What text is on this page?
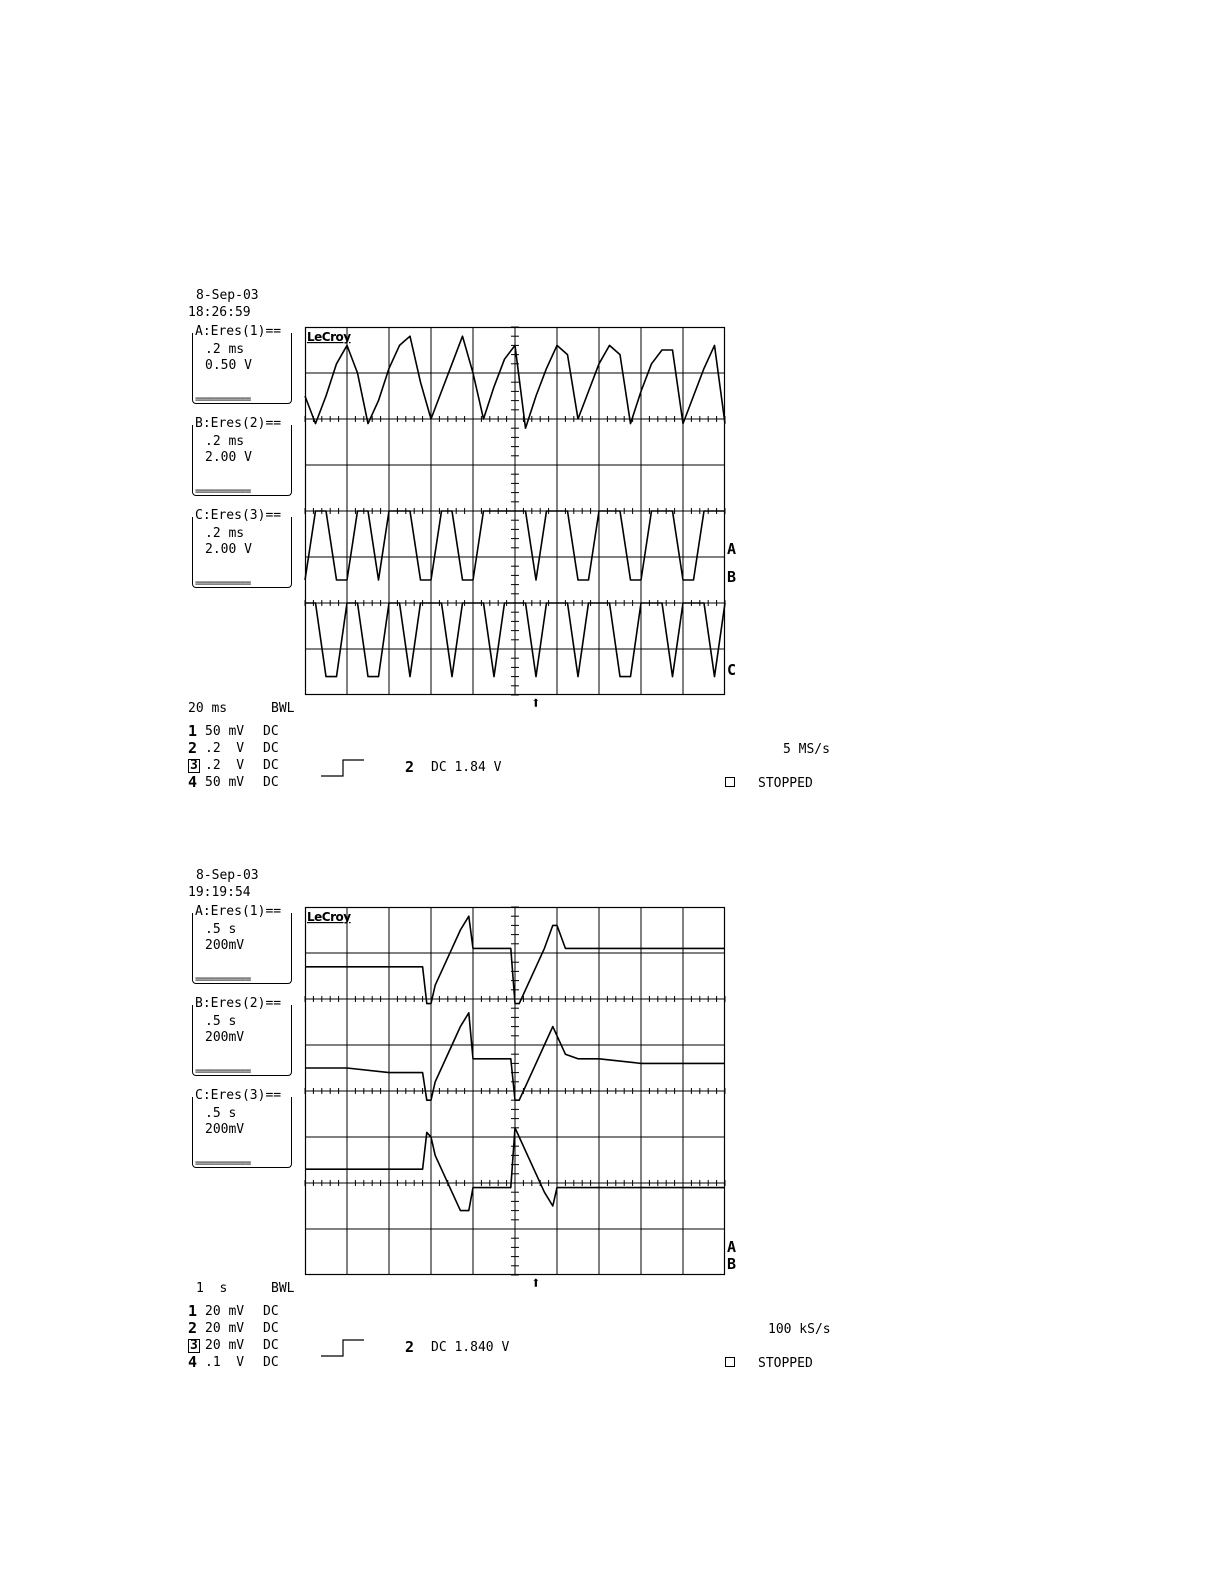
8-Sep-03
18:26:59
A:Eres(1)==
.2 ms
0.50 V
===========
B:Eres(2)==
.2 ms
2.00 V
===========
C:Eres(3)==
.2 ms
2.00 V
===========
LeCroy
A
B
C
⬆
20 ms	BWL
1 50 mV DC
2 .2  V DC
3 .2  V DC
4 50 mV DC
2 DC 1.84 V
5 MS/s
STOPPED
8-Sep-03
19:19:54
A:Eres(1)==
.5 s
200mV
===========
B:Eres(2)==
.5 s
200mV
===========
C:Eres(3)==
.5 s
200mV
===========
LeCroy
A
B
⬆
1  s	BWL
1 20 mV DC
2 20 mV DC
3 20 mV DC
4 .1  V DC
2 DC 1.840 V
100 kS/s
STOPPED
